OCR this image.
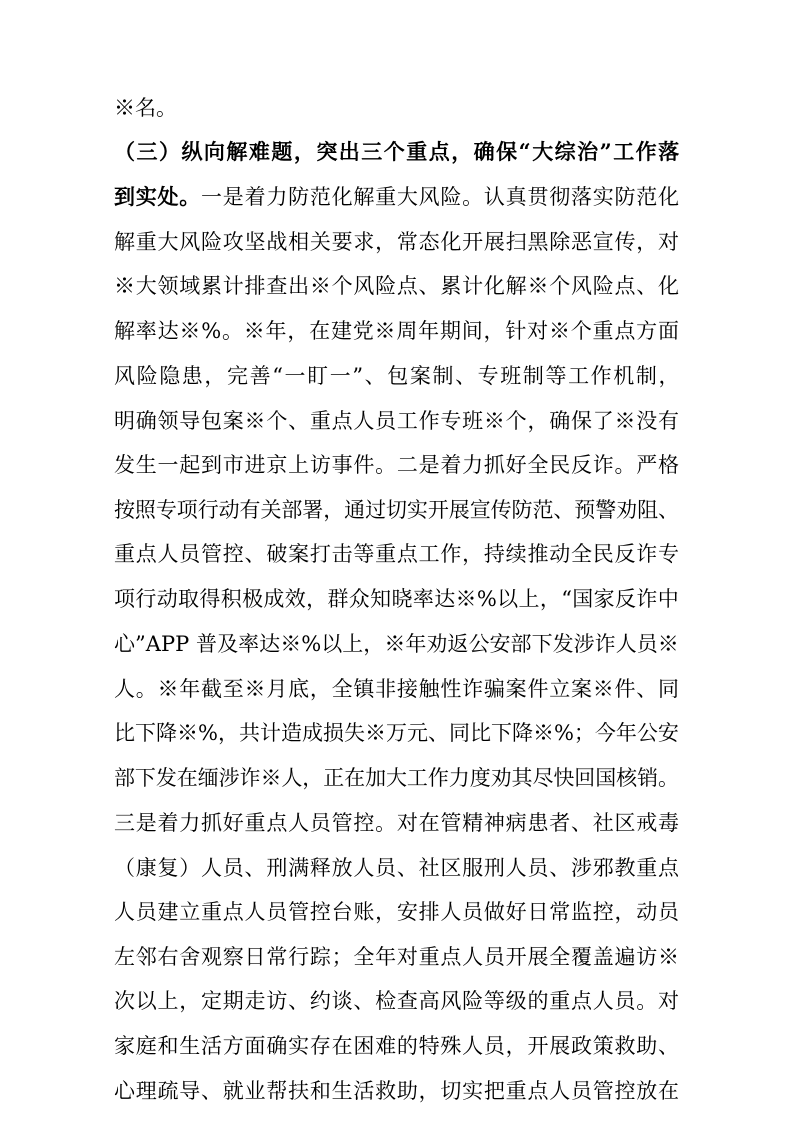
※名。
（三）纵向解难题，突出三个重点，确保“大综治”工作落
到实处。一是着力防范化解重大风险。认真贯彻落实防范化
解重大风险攻坚战相关要求，常态化开展扫黑除恶宣传，对
※大领域累计排查出※个风险点、累计化解※个风险点、化
解率达※%。※年，在建党※周年期间，针对※个重点方面
风险隐患，完善“一盯一”、包案制、专班制等工作机制，
明确领导包案※个、重点人员工作专班※个，确保了※没有
发生一起到市进京上访事件。二是着力抓好全民反诈。严格
按照专项行动有关部署，通过切实开展宣传防范、预警劝阻、
重点人员管控、破案打击等重点工作，持续推动全民反诈专
项行动取得积极成效，群众知晓率达※%以上，“国家反诈中
心”APP 普及率达※%以上，※年劝返公安部下发涉诈人员※
人。※年截至※月底，全镇非接触性诈骗案件立案※件、同
比下降※%，共计造成损失※万元、同比下降※%；今年公安
部下发在缅涉诈※人，正在加大工作力度劝其尽快回国核销。
三是着力抓好重点人员管控。对在管精神病患者、社区戒毒
（康复）人员、刑满释放人员、社区服刑人员、涉邪教重点
人员建立重点人员管控台账，安排人员做好日常监控，动员
左邻右舍观察日常行踪；全年对重点人员开展全覆盖遍访※
次以上，定期走访、约谈、检查高风险等级的重点人员。对
家庭和生活方面确实存在困难的特殊人员，开展政策救助、
心理疏导、就业帮扶和生活救助，切实把重点人员管控放在
